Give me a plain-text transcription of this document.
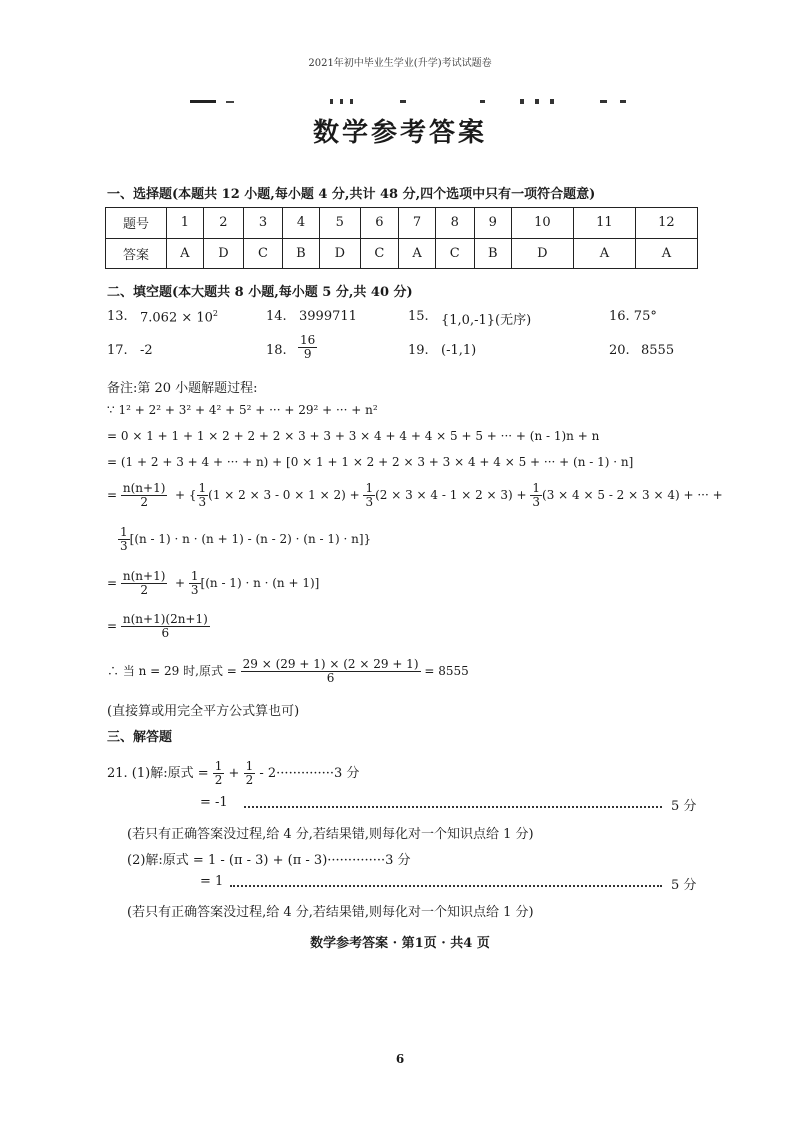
2021年初中毕业生学业(升学)考试试题卷
数学参考答案
一、选择题(本题共 12 小题,每小题 4 分,共计 48 分,四个选项中只有一项符合题意)
题号	1	2	3	4	5	6	7	8	9	10	11	12
答案	A	D	C	B	D	C	A	C	B	D	A	A
二、填空题(本大题共 8 小题,每小题 5 分,共 40 分)
13. $7.062 \times 10^2$	14. 3999711	15. {1,0,-1}(无序)	16. 75°
17. -2	18. $\frac{16}{9}$	19. (-1,1)	20. 8555
备注:第 20 小题解题过程:
∵ 1² + 2² + 3² + 4² + 5² + ··· + 29² + ··· + n²
= 0 × 1 + 1 + 1 × 2 + 2 + 2 × 3 + 3 + 3 × 4 + 4 + 4 × 5 + 5 + ··· + (n - 1)n + n
= (1 + 2 + 3 + 4 + ··· + n) + [0 × 1 + 1 × 2 + 2 × 3 + 3 × 4 + 4 × 5 + ··· + (n - 1) · n]
= $\frac{n(n+1)}{2}$ + { $\frac{1}{3} (1 \times 2 \times 3 - 0 \times 1 \times 2) + \frac{1}{3} (2 \times 3 \times 4 - 1 \times 2 \times 3) + \frac{1}{3} (3 \times 4 \times 5 - 2 \times 3 \times 4)$ + ··· +
$\frac{1}{3} [(n - 1) \cdot n \cdot (n + 1) - (n - 2) \cdot (n - 1) \cdot n]$}
= $\frac{n(n+1)}{2} + \frac{1}{3} [(n - 1) \cdot n \cdot (n + 1)]$
= $\frac{n(n+1)(2n+1)}{6}$
∴ 当 n = 29 时,原式 = $\frac{29 \times (29 + 1) \times (2 \times 29 + 1)}{6} = 8555$
(直接算或用完全平方公式算也可)
三、解答题
21. (1)解:原式 = $\frac{1}{2} + \frac{1}{2} - 2\cdot\cdot\cdot\cdot\cdot\cdot\cdot\cdot\cdot\cdot\cdot\cdot\cdot\cdot 3$ 分
= -1	5 分
(若只有正确答案没过程,给 4 分,若结果错,则每化对一个知识点给 1 分)
(2)解:原式 = 1 - (π - 3) + (π - 3)··············3 分
= 1	5 分
(若只有正确答案没过程,给 4 分,若结果错,则每化对一个知识点给 1 分)
数学参考答案 · 第1页 · 共4 页
6
